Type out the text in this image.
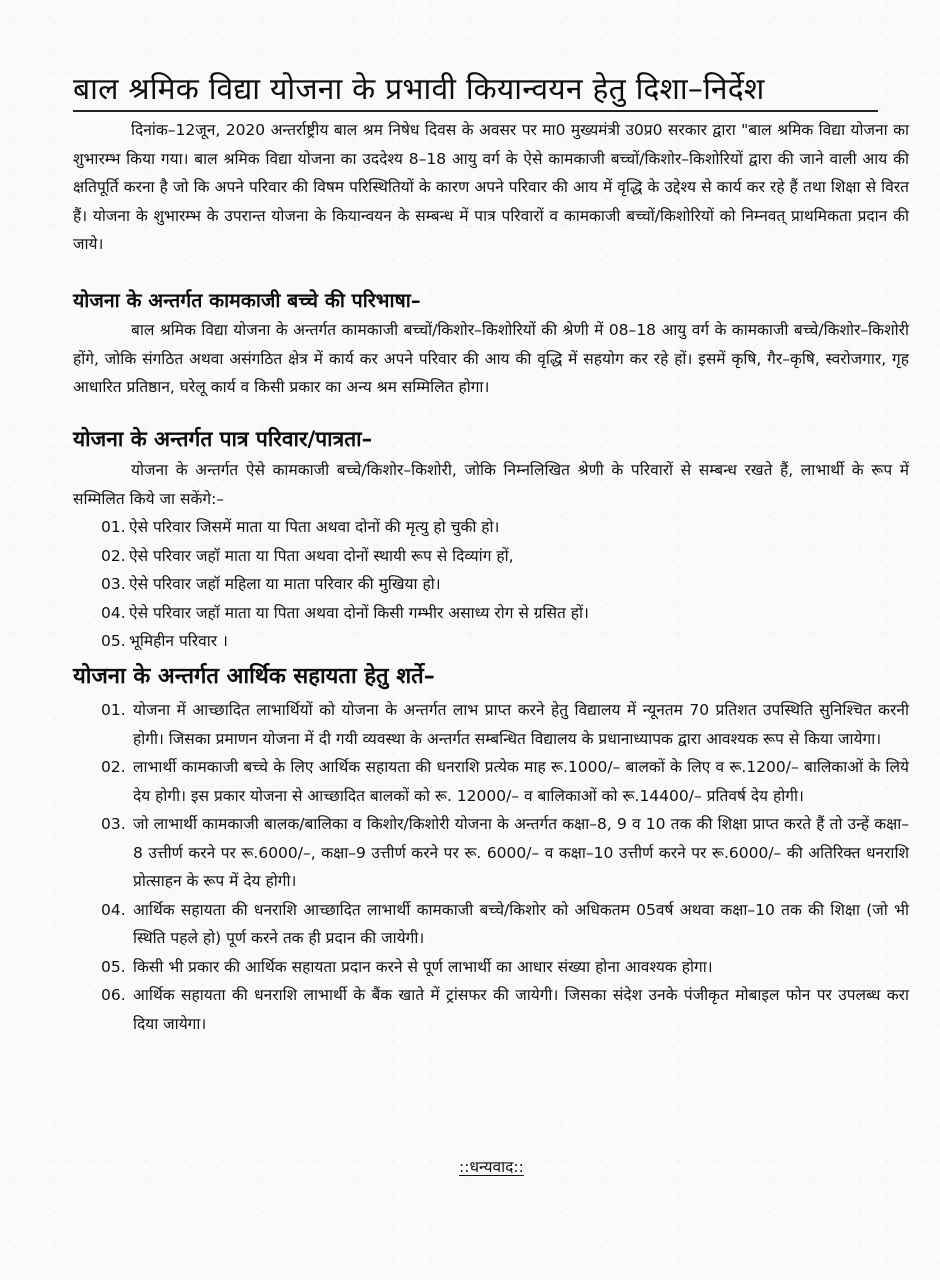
बाल श्रमिक विद्या योजना के प्रभावी कियान्वयन हेतु दिशा–निर्देश

दिनांक–12जून, 2020 अन्तर्राष्ट्रीय बाल श्रम निषेध दिवस के अवसर पर मा0 मुख्यमंत्री उ0प्र0 सरकार द्वारा "बाल श्रमिक विद्या योजना का शुभारम्भ किया गया। बाल श्रमिक विद्या योजना का उददेश्य 8–18 आयु वर्ग के ऐसे कामकाजी बच्चों/किशोर–किशोरियों द्वारा की जाने वाली आय की क्षतिपूर्ति करना है जो कि अपने परिवार की विषम परिस्थितियों के कारण अपने परिवार की आय में वृद्धि के उद्देश्य से कार्य कर रहे हैं तथा शिक्षा से विरत हैं। योजना के शुभारम्भ के उपरान्त योजना के कियान्वयन के सम्बन्ध में पात्र परिवारों व कामकाजी बच्चों/किशोरियों को निम्नवत् प्राथमिकता प्रदान की जाये।

योजना के अन्तर्गत कामकाजी बच्चे की परिभाषा–

बाल श्रमिक विद्या योजना के अन्तर्गत कामकाजी बच्चों/किशोर–किशोरियों की श्रेणी में 08–18 आयु वर्ग के कामकाजी बच्चे/किशोर–किशोरी होंगे, जोकि संगठित अथवा असंगठित क्षेत्र में कार्य कर अपने परिवार की आय की वृद्धि में सहयोग कर रहे हों। इसमें कृषि, गैर–कृषि, स्वरोजगार, गृह आधारित प्रतिष्ठान, घरेलू कार्य व किसी प्रकार का अन्य श्रम सम्मिलित होगा।

योजना के अन्तर्गत पात्र परिवार/पात्रता–

योजना के अन्तर्गत ऐसे कामकाजी बच्चे/किशोर–किशोरी, जोकि निम्नलिखित श्रेणी के परिवारों से सम्बन्ध रखते हैं, लाभार्थी के रूप में सम्मिलित किये जा सकेंगे:–

01. ऐसे परिवार जिसमें माता या पिता अथवा दोनों की मृत्यु हो चुकी हो।
02. ऐसे परिवार जहॉ माता या पिता अथवा दोनों स्थायी रूप से दिव्यांग हों,
03. ऐसे परिवार जहॉ महिला या माता परिवार की मुखिया हो।
04. ऐसे परिवार जहॉ माता या पिता अथवा दोनों किसी गम्भीर असाध्य रोग से ग्रसित हों।
05. भूमिहीन परिवार ।
योजना के अन्तर्गत आर्थिक सहायता हेतु शर्ते–
01. योजना में आच्छादित लाभार्थियों को योजना के अन्तर्गत लाभ प्राप्त करने हेतु विद्यालय में न्यूनतम 70 प्रतिशत उपस्थिति सुनिश्चित करनी होगी। जिसका प्रमाणन योजना में दी गयी व्यवस्था के अन्तर्गत सम्बन्धित विद्यालय के प्रधानाध्यापक द्वारा आवश्यक रूप से किया जायेगा।
02. लाभार्थी कामकाजी बच्चे के लिए आर्थिक सहायता की धनराशि प्रत्येक माह रू.1000/– बालकों के लिए व रू.1200/– बालिकाओं के लिये देय होगी। इस प्रकार योजना से आच्छादित बालकों को रू. 12000/– व बालिकाओं को रू.14400/– प्रतिवर्ष देय होगी।
03. जो लाभार्थी कामकाजी बालक/बालिका व किशोर/किशोरी योजना के अन्तर्गत कक्षा–8, 9 व 10 तक की शिक्षा प्राप्त करते हैं तो उन्हें कक्षा–8 उत्तीर्ण करने पर रू.6000/–, कक्षा–9 उत्तीर्ण करने पर रू. 6000/– व कक्षा–10 उत्तीर्ण करने पर रू.6000/– की अतिरिक्त धनराशि प्रोत्साहन के रूप में देय होगी।
04. आर्थिक सहायता की धनराशि आच्छादित लाभार्थी कामकाजी बच्चे/किशोर को अधिकतम 05वर्ष अथवा कक्षा–10 तक की शिक्षा (जो भी स्थिति पहले हो) पूर्ण करने तक ही प्रदान की जायेगी।
05. किसी भी प्रकार की आर्थिक सहायता प्रदान करने से पूर्ण लाभार्थी का आधार संख्या होना आवश्यक होगा।
06. आर्थिक सहायता की धनराशि लाभार्थी के बैंक खाते में ट्रांसफर की जायेगी। जिसका संदेश उनके पंजीकृत मोबाइल फोन पर उपलब्ध करा दिया जायेगा।
::धन्यवाद::
